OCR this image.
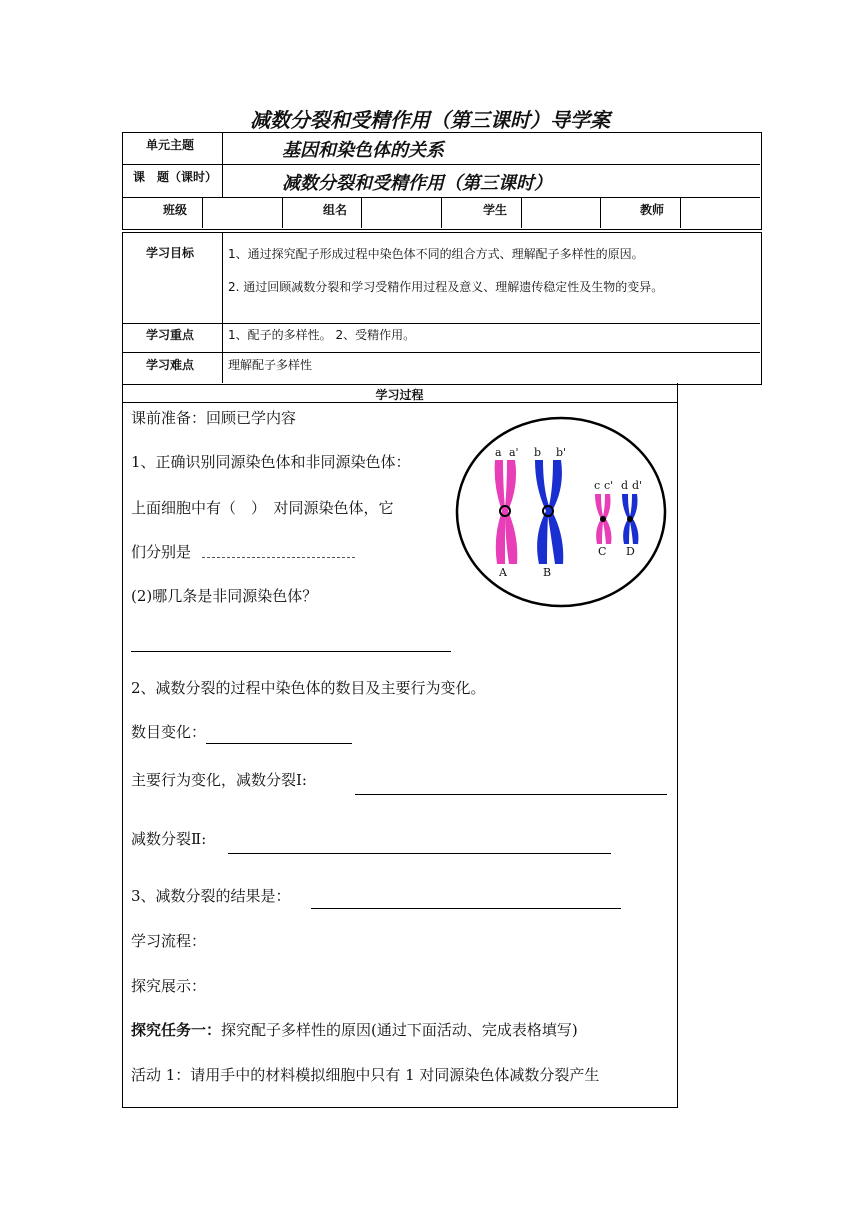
减数分裂和受精作用（第三课时）导学案
单元主题	基因和染色体的关系
课　题（课时）	减数分裂和受精作用（第三课时）
班级	组名	学生	教师
学习目标	1、通过探究配子形成过程中染色体不同的组合方式、理解配子多样性的原因。
2. 通过回顾减数分裂和学习受精作用过程及意义、理解遗传稳定性及生物的变异。
学习重点	1、配子的多样性。 2、受精作用。
学习难点	理解配子多样性
学习过程
课前准备：回顾已学内容
1、正确识别同源染色体和非同源染色体：
上面细胞中有（　）　对同源染色体，它
们分别是
(2)哪几条是非同源染色体？
2、减数分裂的过程中染色体的数目及主要行为变化。
数目变化：
主要行为变化，减数分裂Ⅰ:
减数分裂Ⅱ:
3、减数分裂的结果是：
学习流程：
探究展示：
探究任务一：探究配子多样性的原因(通过下面活动、完成表格填写)
活动 1：请用手中的材料模拟细胞中只有 1 对同源染色体减数分裂产生
a a' b b'
c c' d d'
A	B
C D
